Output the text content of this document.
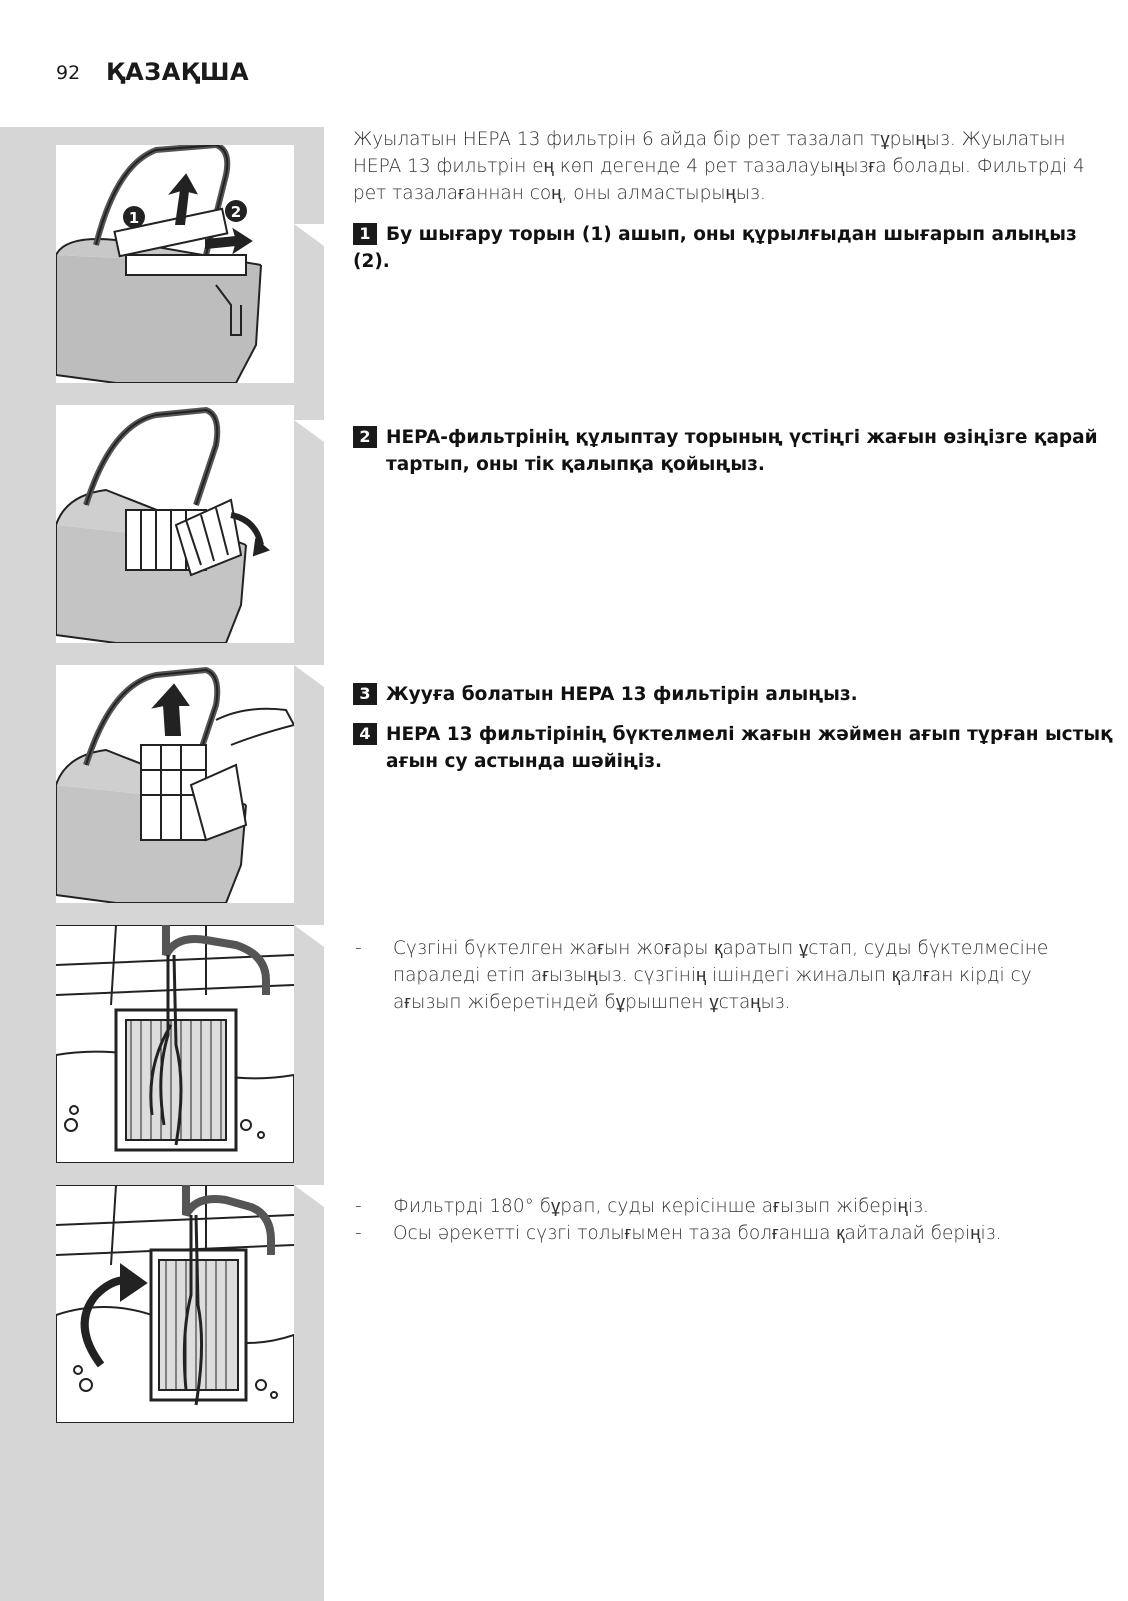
92 ҚАЗАҚША
1	2
Жуылатын HEPA 13 фильтрін 6 айда бір рет тазалап тұрыңыз. Жуылатын HEPA 13 фильтрін ең көп дегенде 4 рет тазалауыңызға болады. Фильтрді 4 рет тазалағаннан соң, оны алмастырыңыз.
1 Бу шығару торын (1) ашып, оны құрылғыдан шығарып алыңыз (2).
2 HEPA-фильтрінің құлыптау торының үстіңгі жағын өзіңізге қарай тартып, оны тік қалыпқа қойыңыз.
3 Жууға болатын HEPA 13 фильтірін алыңыз.
4 HEPA 13 фильтірінің бүктелмелі жағын жәймен ағып тұрған ыстық ағын су астында шәйіңіз.
- Сүзгіні бүктелген жағын жоғары қаратып ұстап, суды бүктелмесіне параледі етіп ағызыңыз. сүзгінің ішіндегі жиналып қалған кірді су ағызып жіберетіндей бұрышпен ұстаңыз.
- Фильтрді 180° бұрап, суды керісінше ағызып жіберіңіз.
- Осы әрекетті сүзгі толығымен таза болғанша қайталай беріңіз.
